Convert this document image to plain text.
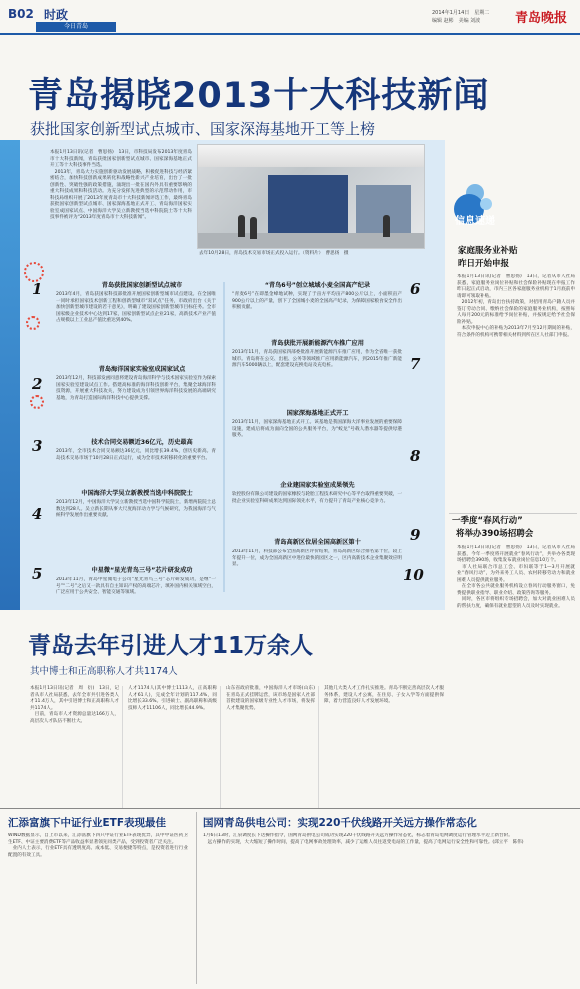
B02 时政
今日青岛
2014年1月14日　星期二
编辑 赵彬　美编 刘波	青岛晚报
青岛揭晓2013十大科技新闻
获批国家创新型试点城市、国家深海基地开工等上榜
本报1月13日讯(记者　曹思扬)　13日，市科技局发布2013年度青岛市十大科技新闻，青岛获批国家创新型试点城市、国家深海基地正式开工等十大科技事件当选。
　2013年，青岛大力实施创新驱动发展战略，积极促进科技与经济紧密结合，加快科技创新成果转化和战略性新兴产业培育，出台了一批创新性、突破性强的政策措施，涌现出一批在国内外具有重要影响的重大科技成果和科技活动。为充分发挥先进典型的示范带动作用，市科技局组织开展了2013年度青岛市十大科技新闻评选工作，最终青岛获批国家创新型试点城市、国家深海基地正式开工、青岛海洋国家实验室成国家试点、中国海洋大学吴立新教授当选中科院院士等十大科技事件被评为“2013年度青岛市十大科技新闻”。
去年10月28日，青岛技术交易市场正式投入运行。（资料片）　曹思扬　摄
1	青岛获批国家创新型试点城市
2013年4月，青岛获国家科技部批准开展国家创新型城市试点建设。在全国唯一同时承担国家技术创新工程和创新型城市“双试点”任务，市政府出台《关于加快创新型城市建设的若干意见》，明确了建设国家创新型城市目标任务。全市国家级企业技术中心达到17家，国家创新型试点企业21家，高新技术产业产值占规模以上工业总产值比重达到40%。
2
青岛海洋国家实验室成国家试点
2013年12月，科技部发函同意将建设青岛海洋科学与技术国家实验室作为探索国家实验室建设试点工作。搭建高标准的海洋科技创新平台，集聚全球海洋科技资源，开展重大科技攻关，努力建设成为引领世界海洋科技发展的高端研究基地，为青岛打造国际海洋科技中心提供支撑。
3	技术合同交易额近36亿元，历史最高
2013年，全市技术合同交易额达36亿元，同比增长39.4%，创历史新高。青岛技术交易市场于10月28日正式运行，成为全市技术转移转化的重要平台。
4
中国海洋大学吴立新教授当选中科院院士
2013年12月，中国海洋大学吴立新教授当选中国科学院院士，新增两院院士总数达到28人。吴立新长期从事大尺度海洋动力学与气候研究，为我国海洋与气候科学发展作出重要贡献。
5	中星微“星光青鸟三号”芯片研发成功
2013年11月，青岛中星微电子公司“星光青鸟三号”芯片研发成功，是继“一号”“二号”之后又一款具有自主知识产权的高端芯片，填补国内相关领域空白，广泛应用于公共安全、智能交通等领域。
6
“青鸟6号”创立城域小麦全国高产纪录
“青麦6号”在即墨金峰地试种，实现了于亩方平均亩产800公斤以上，小面积亩产900公斤以上的产量，创下了全国城小麦的全国高产纪录，为保障国家粮食安全作出积极贡献。
7
青岛获批开展新能源汽车推广应用
2013年11月，青岛获国家四部委批准开展新能源汽车推广应用，作为全省唯一获批城市。青岛将在公交、出租、公务等领域推广应用新能源汽车，到2015年推广新能源汽车5000辆以上，配套建设充换电站及充电桩。
8
国家深海基地正式开工
2013年11月，国家深海基地正式开工。该基地是我国深海大洋事业发展的重要保障设施，建成后将成为面向全国的公共服务平台，为“蛟龙”号载人潜水器等提供母港服务。
9
企业建国家实验室成果领先
软控股份有限公司建设的国家橡胶与轮胎工程技术研究中心等平台取得重要突破，一批企业实验室科研成果达到国际领先水平，有力提升了青岛产业核心竞争力。
10
青岛高新区位居全国高新区第十
2013年11月，科技部公布全国高新区评价结果，青岛高新区综合排名第十位，较上年提升一位，成为全国高新区中进位最快的园区之一，区内高新技术企业集聚效应明显。
信息速递
家庭服务业补贴
昨日开始申报
本报1月13日讯(记者　曹思扬)　13日，记者从市人社局获悉，家庭服务业岗位补贴和社会保险补贴现在申报工作昨日起正式启动，市内三区各家庭服务业机构于1月底前申请即可领取补贴。
　2012年初，青岛出台扶持政策，对招用青岛户籍人员并签订劳动合同、缴纳社会保险的家庭服务业机构，按照每人每月200元的标准给予岗位补贴，并按规定给予社会保险补贴。
　本次申报中心的补贴为2013年7月至12月期间的补贴，符合条件的机构可携带相关材料到所在区人社部门申报。
一季度“春风行动”
将举办390场招聘会
本报1月13日讯(记者　曹思扬)　13日，记者从市人社局获悉，今年一季度将开展就业“春风行动”，共举办各类现场招聘会390场，收集发布就业岗位信息10万个。
　市人社局联合市总工会、市妇联等于1—3月开展就业“春风行动”，为外来务工人员、农村转移劳动力和就业困难人员提供就业服务。
　在全市各公共就业服务机构设立春风行动服务窗口，免费提供职业指导、职业介绍、政策咨询等服务。
　同时，各区市将组织专场招聘会，加大对就业困难人员的帮扶力度，确保有就业愿望的人员及时实现就业。
青岛去年引进人才11万余人
其中博士和正高职称人才共1174人
本报1月13日讯(记者　周　衍)　13日，记者从市人社局获悉，去年全市共引进各类人才11.4万人，其中引进博士和正高职称人才共1174人。
　目前，青岛市人才资源总量达166万人，高层次人才队伍不断壮大。
人才1174人(其中博士1113人，正高职称人才61人)，完成全年计划的117.4%，同比增长33.6%。引进硕士、副高职称和高级技师人才11106人，同比增长44.9%。
山东省政府批准，中国海洋人才市场(山东)在青岛正式挂牌运营，该市场是国家人社部首批建设的国家级专业性人才市场，将发挥人才集聚优势。
其他几大类人才工作扎实推进。青岛不断完善高层次人才服务体系，建设人才公寓，在住房、子女入学等方面提供保障，着力营造良好人才发展环境。
汇添富旗下中证行业ETF表现最佳
WIND数据显示，自上市以来，汇添富旗下四只中证行业ETF表现优异，其中中证医药卫生ETF、中证主要消费ETF等产品收益率显著领先同类产品，受到投资者广泛关注。
　业内人士表示，行业ETF具有透明度高、成本低、交易便捷等特点，是投资者进行行业配置的有效工具。
国网青岛供电公司：实现220千伏线路开关远方操作常态化
1月6日13时，汇泉调度长下达操作指令，国网青岛供电公司成功实现220千伏线路开关远方操作常态化，标志着青岛电网调度运行管理水平迈上新台阶。
　远方操作的实现，大大缩短了操作时间，提高了电网事故处理效率，减少了运维人员往返变电站的工作量，提高了电网运行安全性和可靠性。(邱立平　陈伟)
